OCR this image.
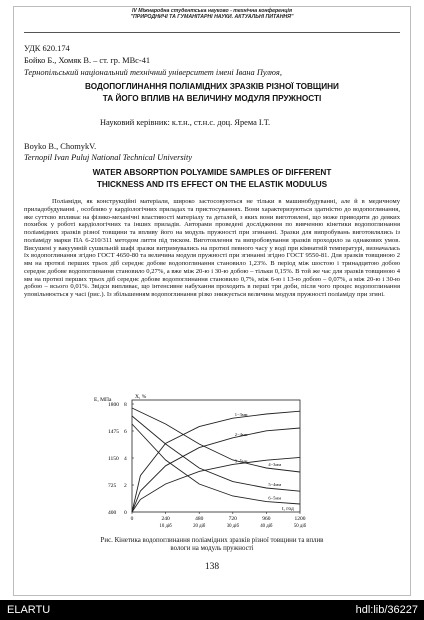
IV Міжнародна студентська науково - технічна конференція
"ПРИРОДНИЧІ ТА ГУМАНІТАРНІ НАУКИ. АКТУАЛЬНІ ПИТАННЯ"
УДК 620.174
Бойко Б., Хомяк В. – ст. гр. МВс-41
Тернопільський національний технічний університет імені Івана Пулюя,
ВОДОПОГЛИНАННЯ ПОЛІАМІДНИХ ЗРАЗКІВ РІЗНОЇ ТОВЩИНИ
ТА ЙОГО ВПЛИВ НА ВЕЛИЧИНУ МОДУЛЯ ПРУЖНОСТІ
Науковий керівник: к.т.н., ст.н.с. доц. Ярема І.Т.
Boyko B., ChomykV.
Ternopil Ivan Puluj National Technical University
WATER ABSORPTION POLYAMIDE SAMPLES OF DIFFERENT
THICKNESS AND ITS EFFECT ON THE ELASTIK MODULUS

Поліаміди, як конструкційні матеріали, широко застосовуються не тільки в машинобудуванні, але й в медичному приладобудуванні , особливо у кардіологічних приладах та пристосуваннях. Вони характеризуються здатністю до водопоглинання, яке суттєво впливає на фізико-механічні властивості матеріалу та деталей, з яких вони виготовлені, що може приводити до деяких похибок у роботі кардіологічних та інших приладів. Авторами проведені дослідження по вивченню кінетики водопоглинання поліамідних зразків різної товщини та впливу його на модуль пружності при згинанні. Зразки для випробувань виготовлялись із поліаміду марки ПА 6-210/311 методом лиття під тиском. Виготовлення та випробовування зразків проходило за однакових умов. Висушені у вакуумній сушильній шафі зразки витримувались на протязі певного часу у воді при кімнатній температурі, визначалась їх водопоглинання згідно ГОСТ 4650-80 та величина модуля пружності при згинанні згідно ГОСТ 9550-81. Для зразків товщиною 2 мм на протязі перших трьох діб середнє добове водопоглинання становило 1,23%. В період між шостою і тринадцятою добою середнє добове водопоглинання становило 0,27%, а вже між 20-ю і 30-ю добою – тільки 0,15%. В той же час для зразків товщиною 4 мм на протязі перших трьох діб середнє добове водопоглинання становило 0,7%, між 6-ю і 13-ю добою – 0,07%, а між 20-ю і 30-ю добою – всього 0,01%. Звідси випливає, що інтенсивне набухання проходить в перші три доби, після чого процес водопоглинання уповільнюється у часі (рис.). Із збільшенням водопоглинання різко знижується величина модуля пружності поліаміду при згині.

E, MПа	X, %
t, год
0	240
10 діб
480
20 діб
720
30 діб
960
40 діб
1200
50 діб
1800
1475
1150
725
400
8
6
4
2
0
1−3мм
2−4мм
3−5мм
4−3мм
5−4мм
6−5мм
Рис. Кінетика водопоглинання поліамідних зразків різної товщини та вплив
вологи на модуль пружності
138
ELARTU	hdl:lib/36227
